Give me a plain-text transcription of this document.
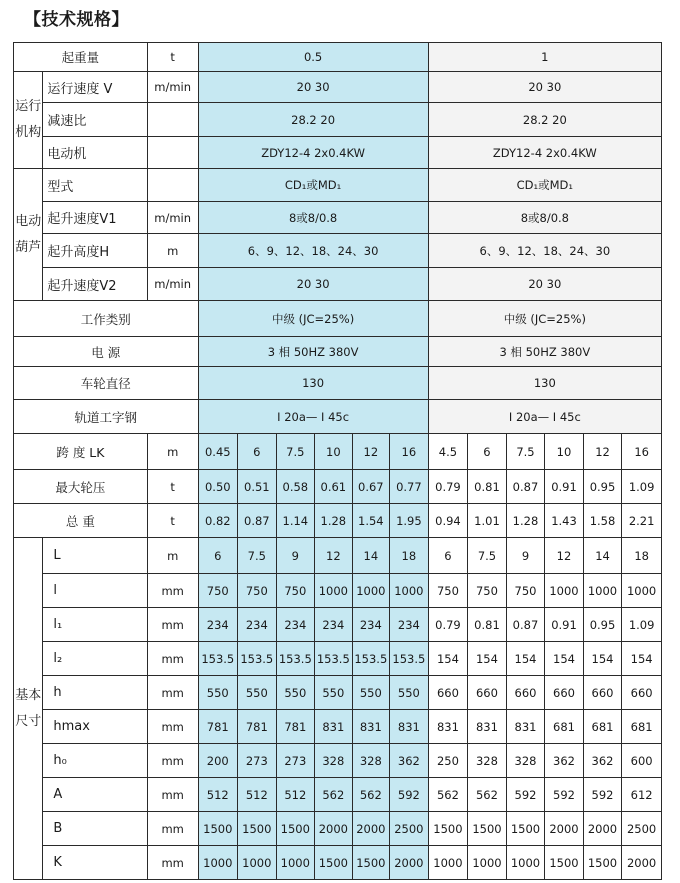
【技术规格】
起重量		t	0.5						1					
运行机构	运行速度 V	m/min	20 30						20 30					
	减速比		28.2 20						28.2 20					
	电动机		ZDY12-4 2x0.4KW						ZDY12-4 2x0.4KW					
电动葫芦	型式		CD₁或MD₁						CD₁或MD₁					
	起升速度V1	m/min	8或8/0.8						8或8/0.8					
	起升高度H	m	6、9、12、18、24、30						6、9、12、18、24、30					
	起升速度V2	m/min	20 30						20 30					
工作类别			中级 (JC=25%)						中级 (JC=25%)					
电 源			3 相 50HZ 380V						3 相 50HZ 380V					
车轮直径			130						130					
轨道工字钢			I 20a— I 45c						I 20a— I 45c					
跨 度 LK		m	0.45	6	7.5	10	12	16	4.5	6	7.5	10	12	16
最大轮压		t	0.50	0.51	0.58	0.61	0.67	0.77	0.79	0.81	0.87	0.91	0.95	1.09
总 重		t	0.82	0.87	1.14	1.28	1.54	1.95	0.94	1.01	1.28	1.43	1.58	2.21
基本尺寸	L	m	6	7.5	9	12	14	18	6	7.5	9	12	14	18
	l	mm	750	750	750	1000	1000	1000	750	750	750	1000	1000	1000
	l₁	mm	234	234	234	234	234	234	0.79	0.81	0.87	0.91	0.95	1.09
	l₂	mm	153.5	153.5	153.5	153.5	153.5	153.5	154	154	154	154	154	154
	h	mm	550	550	550	550	550	550	660	660	660	660	660	660
	hmax	mm	781	781	781	831	831	831	831	831	831	681	681	681
	h₀	mm	200	273	273	328	328	362	250	328	328	362	362	600
	A	mm	512	512	512	562	562	592	562	562	592	592	592	612
	B	mm	1500	1500	1500	2000	2000	2500	1500	1500	1500	2000	2000	2500
	K	mm	1000	1000	1000	1500	1500	2000	1000	1000	1000	1500	1500	2000
